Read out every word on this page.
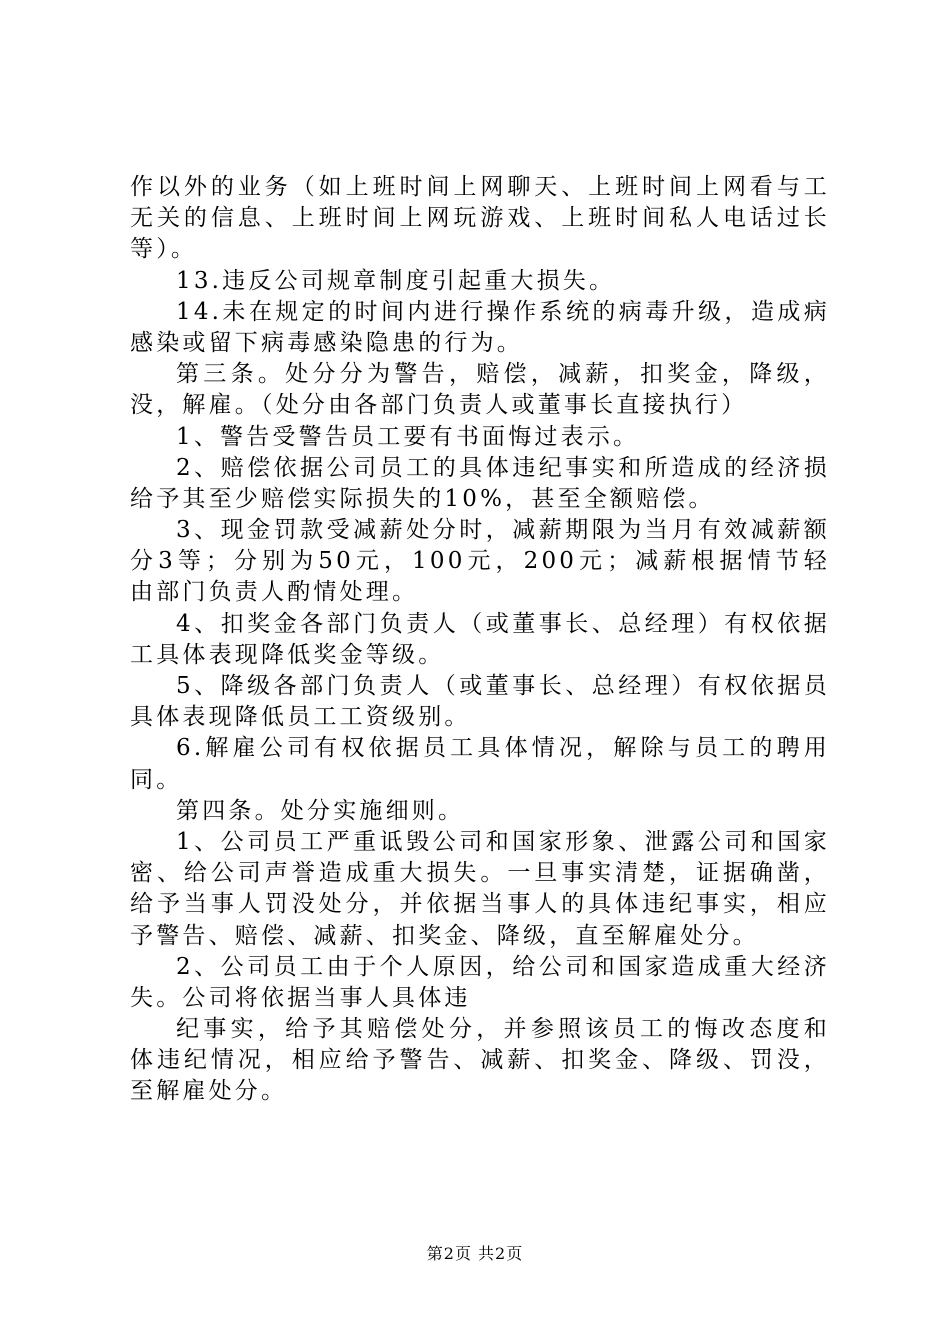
作以外的业务（如上班时间上网聊天、上班时间上网看与工
无关的信息、上班时间上网玩游戏、上班时间私人电话过长
等）。
13.违反公司规章制度引起重大损失。
14.未在规定的时间内进行操作系统的病毒升级，造成病
感染或留下病毒感染隐患的行为。
第三条。处分分为警告，赔偿，减薪，扣奖金，降级，
没，解雇。（处分由各部门负责人或董事长直接执行）
1、警告受警告员工要有书面悔过表示。
2、赔偿依据公司员工的具体违纪事实和所造成的经济损
给予其至少赔偿实际损失的10%，甚至全额赔偿。
3、现金罚款受减薪处分时，减薪期限为当月有效减薪额
分3等；分别为50元，100元，200元；减薪根据情节轻
由部门负责人酌情处理。
4、扣奖金各部门负责人（或董事长、总经理）有权依据
工具体表现降低奖金等级。
5、降级各部门负责人（或董事长、总经理）有权依据员
具体表现降低员工工资级别。
6.解雇公司有权依据员工具体情况，解除与员工的聘用
同。
第四条。处分实施细则。
1、公司员工严重诋毁公司和国家形象、泄露公司和国家
密、给公司声誉造成重大损失。一旦事实清楚，证据确凿，
给予当事人罚没处分，并依据当事人的具体违纪事实，相应
予警告、赔偿、减薪、扣奖金、降级，直至解雇处分。
2、公司员工由于个人原因，给公司和国家造成重大经济
失。公司将依据当事人具体违
纪事实，给予其赔偿处分，并参照该员工的悔改态度和
体违纪情况，相应给予警告、减薪、扣奖金、降级、罚没，
至解雇处分。
第2页 共2页
